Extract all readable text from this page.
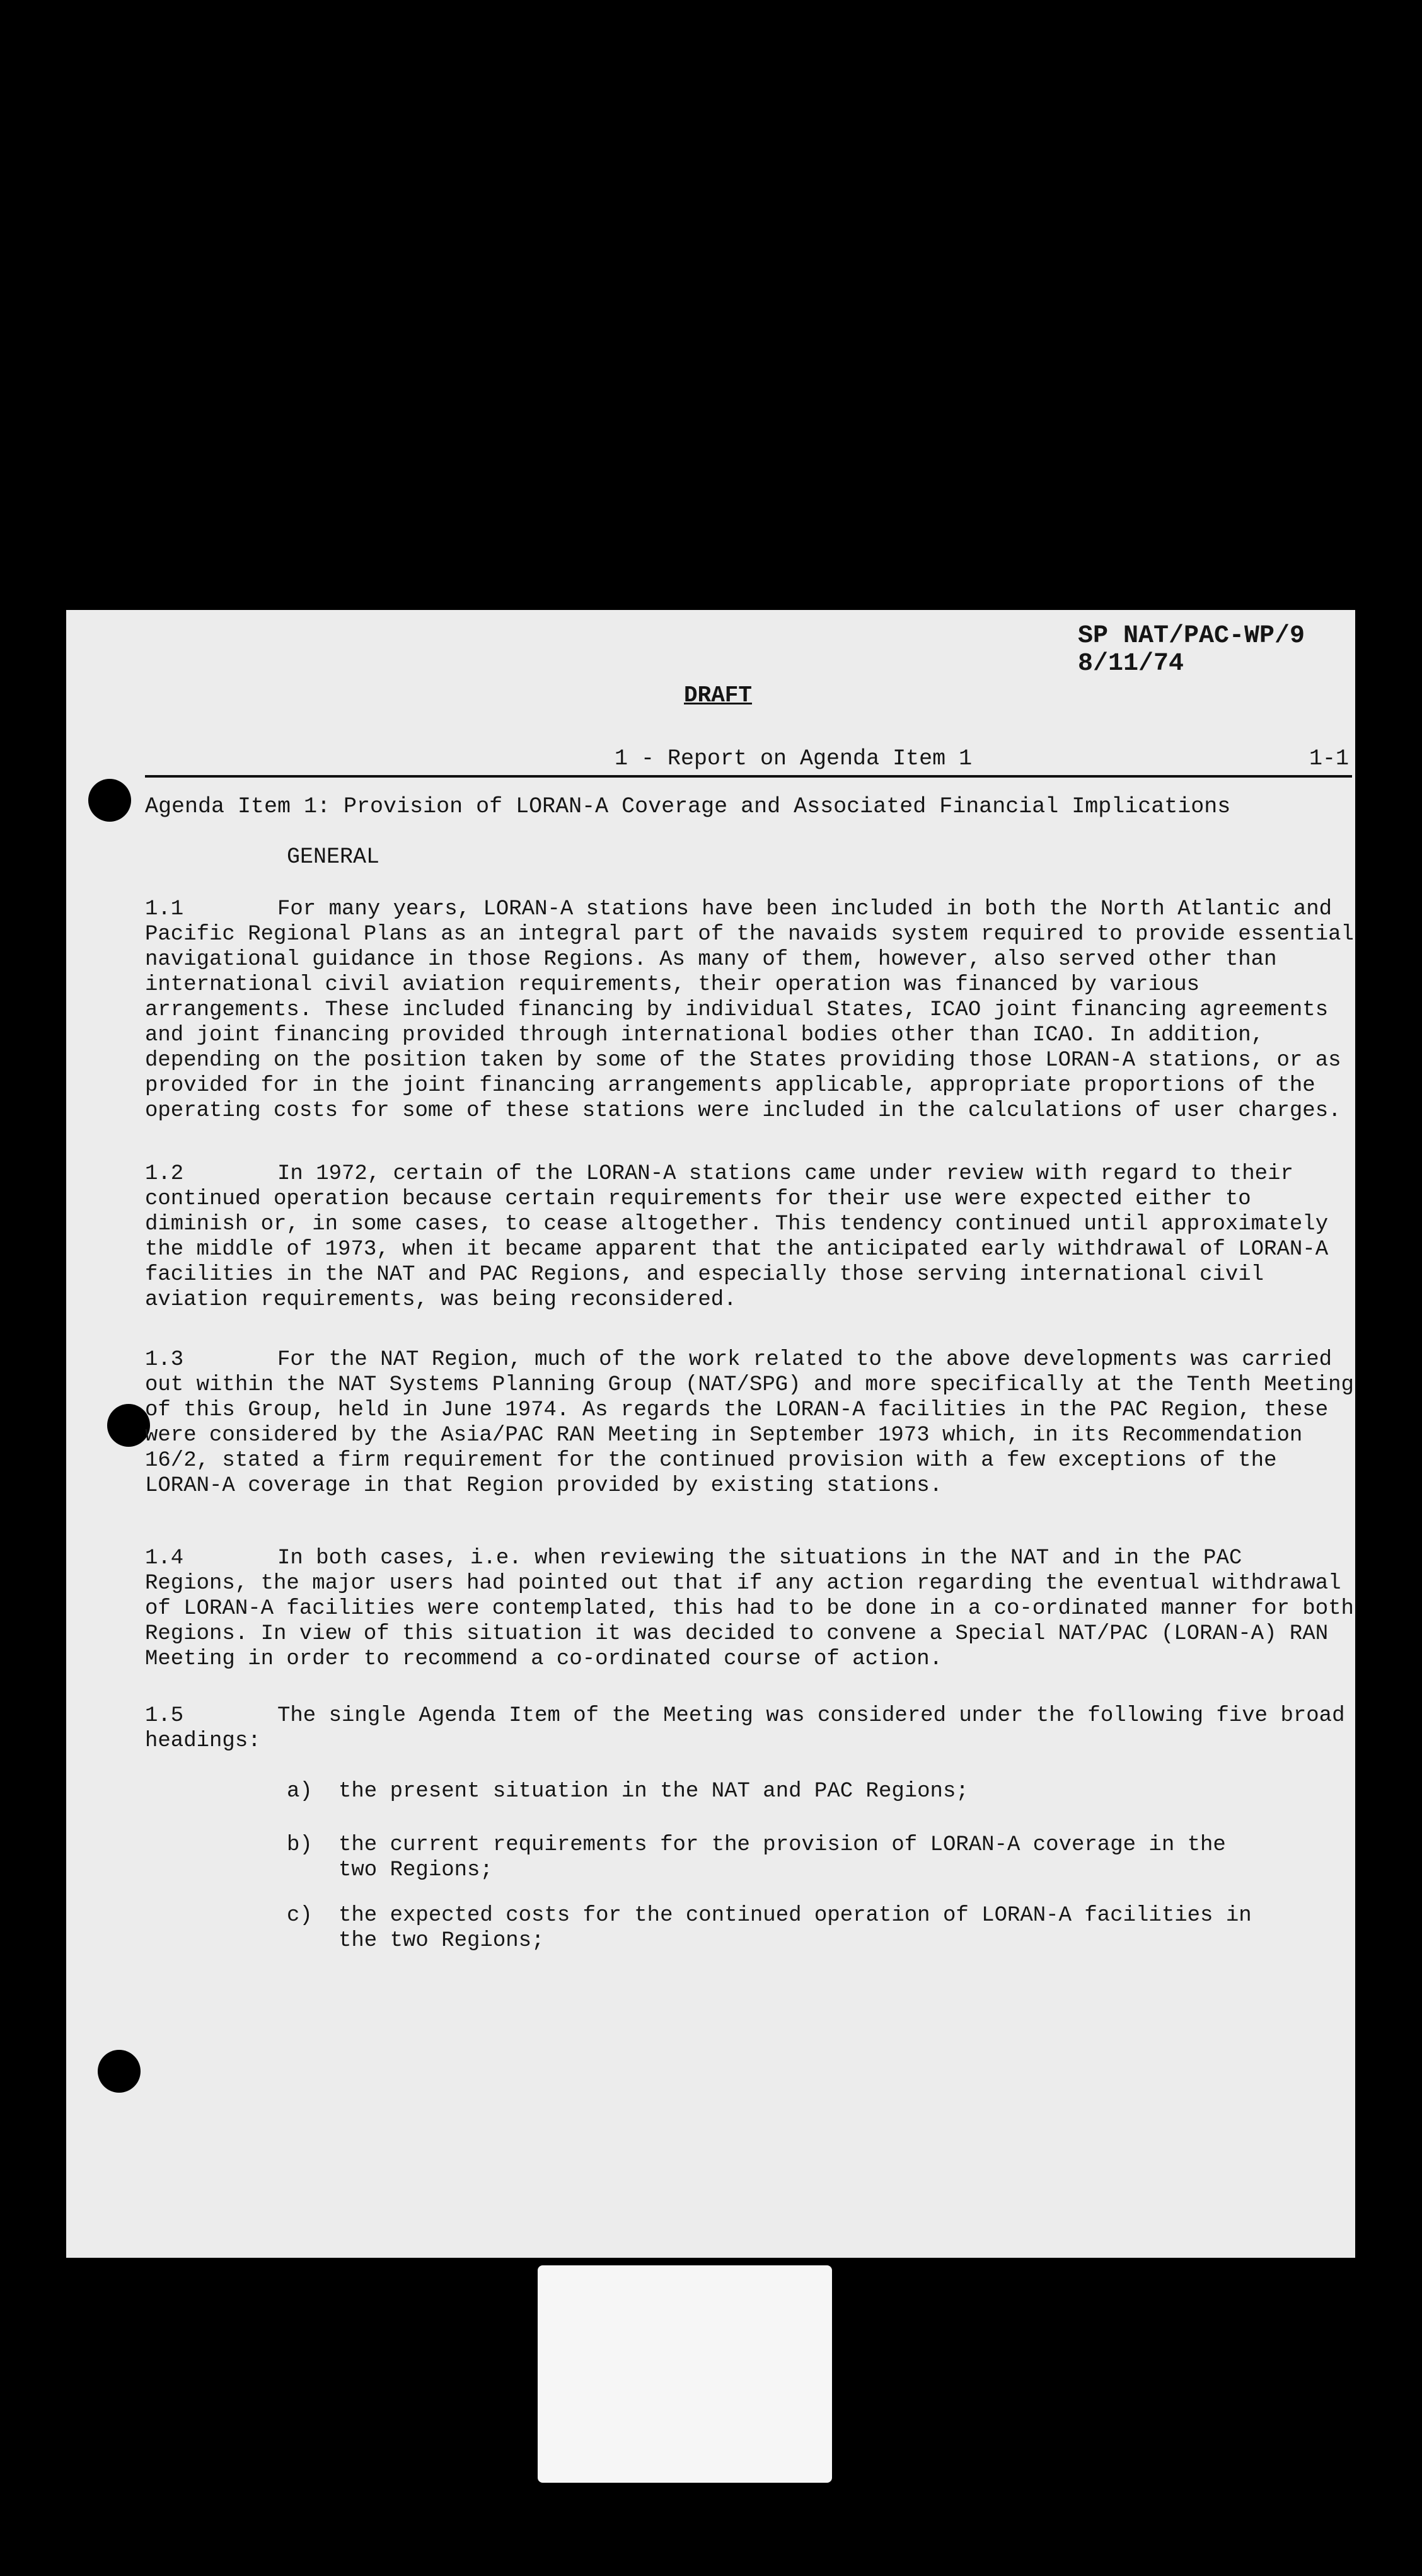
SP NAT/PAC-WP/9
8/11/74
DRAFT
1 - Report on Agenda Item 1	1-1
Agenda Item 1: Provision of LORAN-A Coverage and Associated Financial Implications
GENERAL

1.1	For many years, LORAN-A stations have been included in both the North Atlantic and Pacific Regional Plans as an integral part of the navaids system required to provide essential navigational guidance in those Regions. As many of them, however, also served other than international civil aviation requirements, their operation was financed by various arrangements. These included financing by individual States, ICAO joint financing agreements and joint financing provided through international bodies other than ICAO. In addition, depending on the position taken by some of the States providing those LORAN-A stations, or as provided for in the joint financing arrangements applicable, appropriate proportions of the operating costs for some of these stations were included in the calculations of user charges.

1.2	In 1972, certain of the LORAN-A stations came under review with regard to their continued operation because certain requirements for their use were expected either to diminish or, in some cases, to cease altogether. This tendency continued until approximately the middle of 1973, when it became apparent that the anticipated early withdrawal of LORAN-A facilities in the NAT and PAC Regions, and especially those serving international civil aviation requirements, was being reconsidered.

1.3	For the NAT Region, much of the work related to the above developments was carried out within the NAT Systems Planning Group (NAT/SPG) and more specifically at the Tenth Meeting of this Group, held in June 1974. As regards the LORAN-A facilities in the PAC Region, these were considered by the Asia/PAC RAN Meeting in September 1973 which, in its Recommendation 16/2, stated a firm requirement for the continued provision with a few exceptions of the LORAN-A coverage in that Region provided by existing stations.

1.4	In both cases, i.e. when reviewing the situations in the NAT and in the PAC Regions, the major users had pointed out that if any action regarding the eventual withdrawal of LORAN-A facilities were contemplated, this had to be done in a co-ordinated manner for both Regions. In view of this situation it was decided to convene a Special NAT/PAC (LORAN-A) RAN Meeting in order to recommend a co-ordinated course of action.

1.5	The single Agenda Item of the Meeting was considered under the following five broad headings:

a) the present situation in the NAT and PAC Regions;
b) the current requirements for the provision of LORAN-A coverage in the two Regions;
c) the expected costs for the continued operation of LORAN-A facilities in the two Regions;
